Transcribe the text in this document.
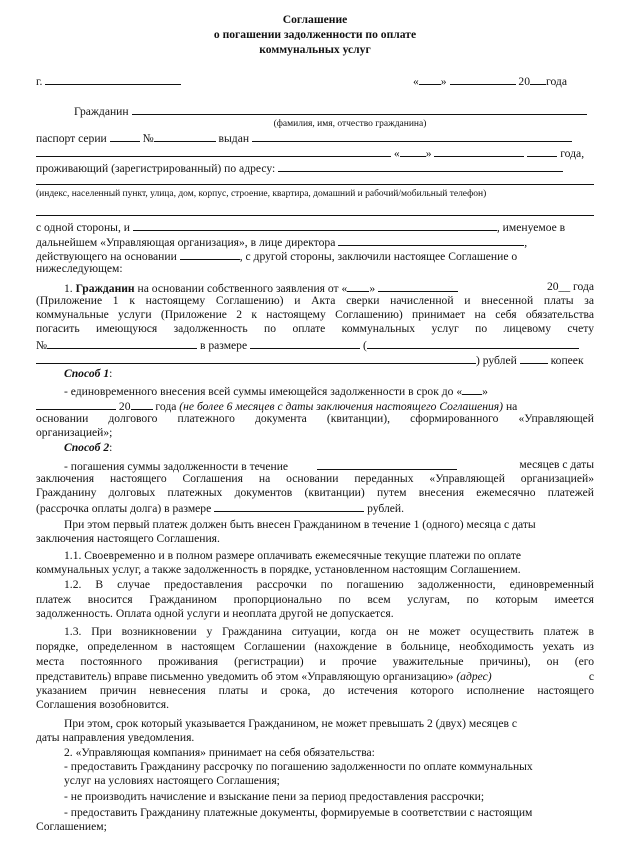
Соглашение
о погашении задолженности по оплате
коммунальных услуг
г.	« »	20 года
Гражданин
(фамилия, имя, отчество гражданина)
паспорт серии	№	выдан
« »	года,
проживающий (зарегистрированный) по адресу:
(индекс, населенный пункт, улица, дом, корпус, строение, квартира, домашний и рабочий/мобильный телефон)
с одной стороны, и	, именуемое в
дальнейшем «Управляющая организация», в лице директора	,
действующего на основании	, с другой стороны, заключили настоящее Соглашение о
нижеследующем:
1. Гражданин на основании собственного заявления от « »	20__ года
(Приложение 1 к настоящему Соглашению) и Акта сверки начисленной и внесенной платы за
коммунальные услуги (Приложение 2 к настоящему Соглашению) принимает на себя обязательства
погасить имеющуюся задолженность по оплате коммунальных услуг по лицевому счету
№	в размере	(
) рублей	копеек
Способ 1:
- единовременного внесения всей суммы имеющейся задолженности в срок до « »
20 года (не более 6 месяцев с даты заключения настоящего Соглашения) на
основании долгового платежного документа (квитанции), сформированного «Управляющей
организацией»;
Способ 2:
- погашения суммы задолженности в течение	месяцев с даты
заключения настоящего Соглашения на основании переданных «Управляющей организацией»
Гражданину долговых платежных документов (квитанции) путем внесения ежемесячно платежей
(рассрочка оплаты долга) в размере	рублей.
При этом первый платеж должен быть внесен Гражданином в течение 1 (одного) месяца с даты
заключения настоящего Соглашения.
1.1. Своевременно и в полном размере оплачивать ежемесячные текущие платежи по оплате
коммунальных услуг, а также задолженность в порядке, установленном настоящим Соглашением.
1.2. В случае предоставления рассрочки по погашению задолженности, единовременный
платеж вносится Гражданином пропорционально по всем услугам, по которым имеется
задолженность. Оплата одной услуги и неоплата другой не допускается.
1.3. При возникновении у Гражданина ситуации, когда он не может осуществить платеж в
порядке, определенном в настоящем Соглашении (нахождение в больнице, необходимость уехать из
места постоянного проживания (регистрации) и прочие уважительные причины), он (его
представитель) вправе письменно уведомить об этом «Управляющую организацию» (адрес)	с
указанием причин невнесения платы и срока, до истечения которого исполнение настоящего
Соглашения возобновится.
При этом, срок который указывается Гражданином, не может превышать 2 (двух) месяцев с
даты направления уведомления.
2. «Управляющая компания» принимает на себя обязательства:
- предоставить Гражданину рассрочку по погашению задолженности по оплате коммунальных
услуг на условиях настоящего Соглашения;
- не производить начисление и взыскание пени за период предоставления рассрочки;
- предоставить Гражданину платежные документы, формируемые в соответствии с настоящим
Соглашением;
